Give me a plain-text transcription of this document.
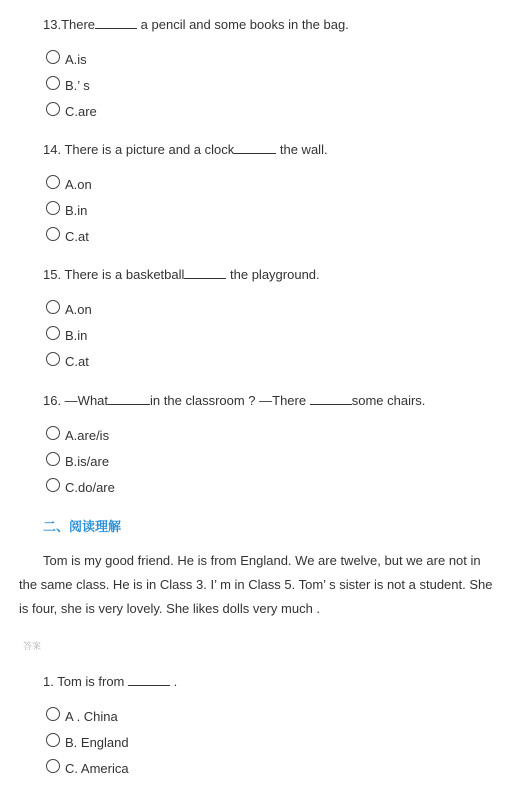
13.There	a pencil and some books in the bag.
A.is
B.’ s
C.are
14. There is a picture and a clock	the wall.
A.on
B.in
C.at
15. There is a basketball	the playground.
A.on
B.in
C.at
16. —What	in the classroom ? —There	some chairs.
A.are/is
B.is/are
C.do/are
二、阅读理解
Tom is my good friend. He is from England. We are twelve, but we are not in the same class. He is in Class 3. I’ m in Class 5. Tom’ s sister is not a student. She is four, she is very lovely. She likes dolls very much .
答案
1. Tom is from	.
A . China
B. England
C. America
